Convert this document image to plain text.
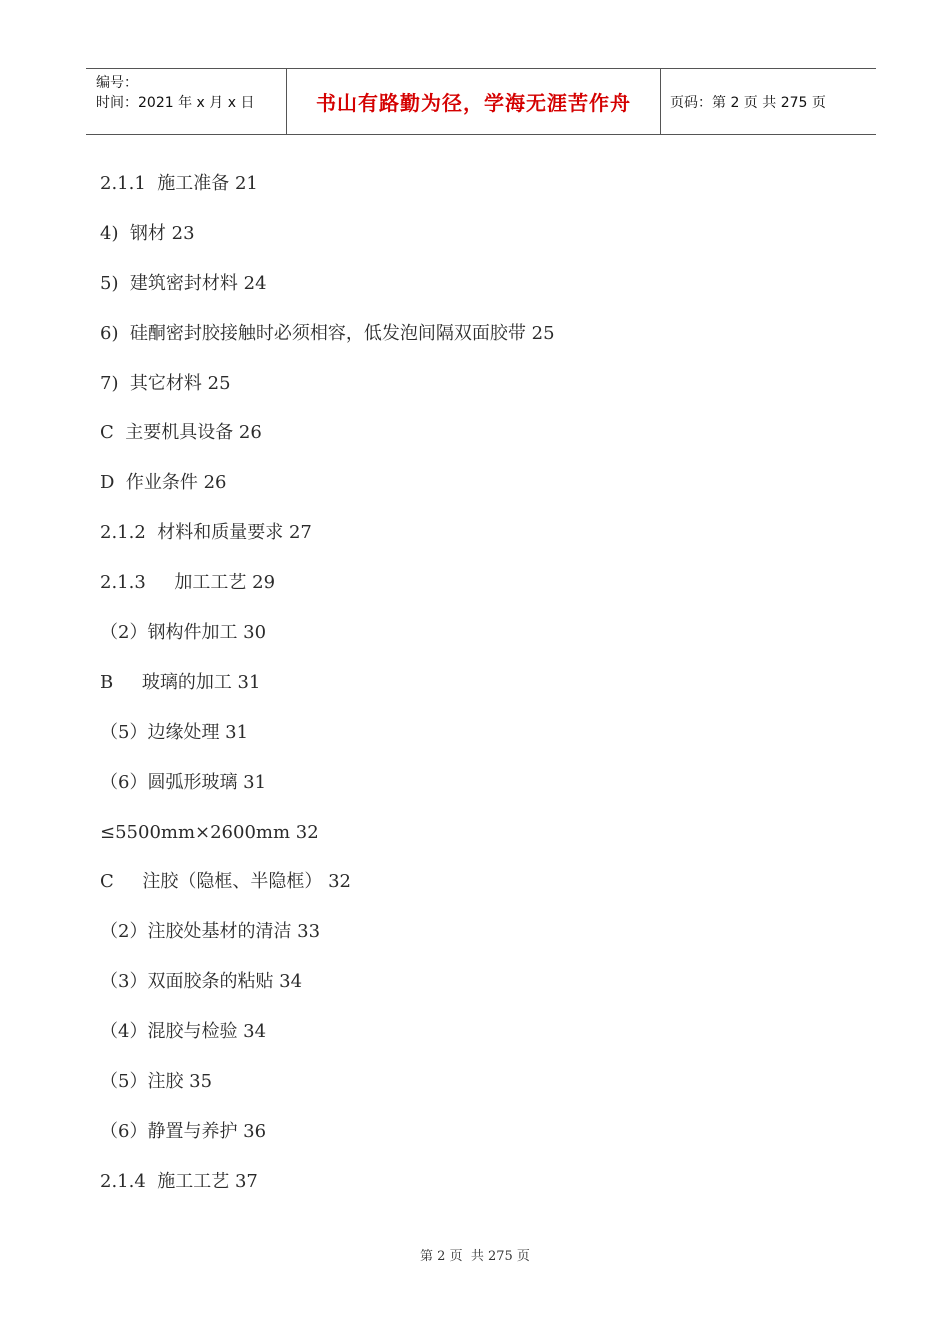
编号：
时间：2021 年 x 月 x 日	书山有路勤为径，学海无涯苦作舟	页码：第 2 页 共 275 页
2.1.1  施工准备 21
4)  钢材 23
5)  建筑密封材料 24
6)  硅酮密封胶接触时必须相容，低发泡间隔双面胶带 25
7)  其它材料 25
C  主要机具设备 26
D  作业条件 26
2.1.2  材料和质量要求 27
2.1.3     加工工艺 29
（2）钢构件加工 30
B     玻璃的加工 31
（5）边缘处理 31
（6）圆弧形玻璃 31
≤5500mm×2600mm 32
C     注胶（隐框、半隐框） 32
（2）注胶处基材的清洁 33
（3）双面胶条的粘贴 34
（4）混胶与检验 34
（5）注胶 35
（6）静置与养护 36
2.1.4  施工工艺 37
第 2 页  共 275 页
